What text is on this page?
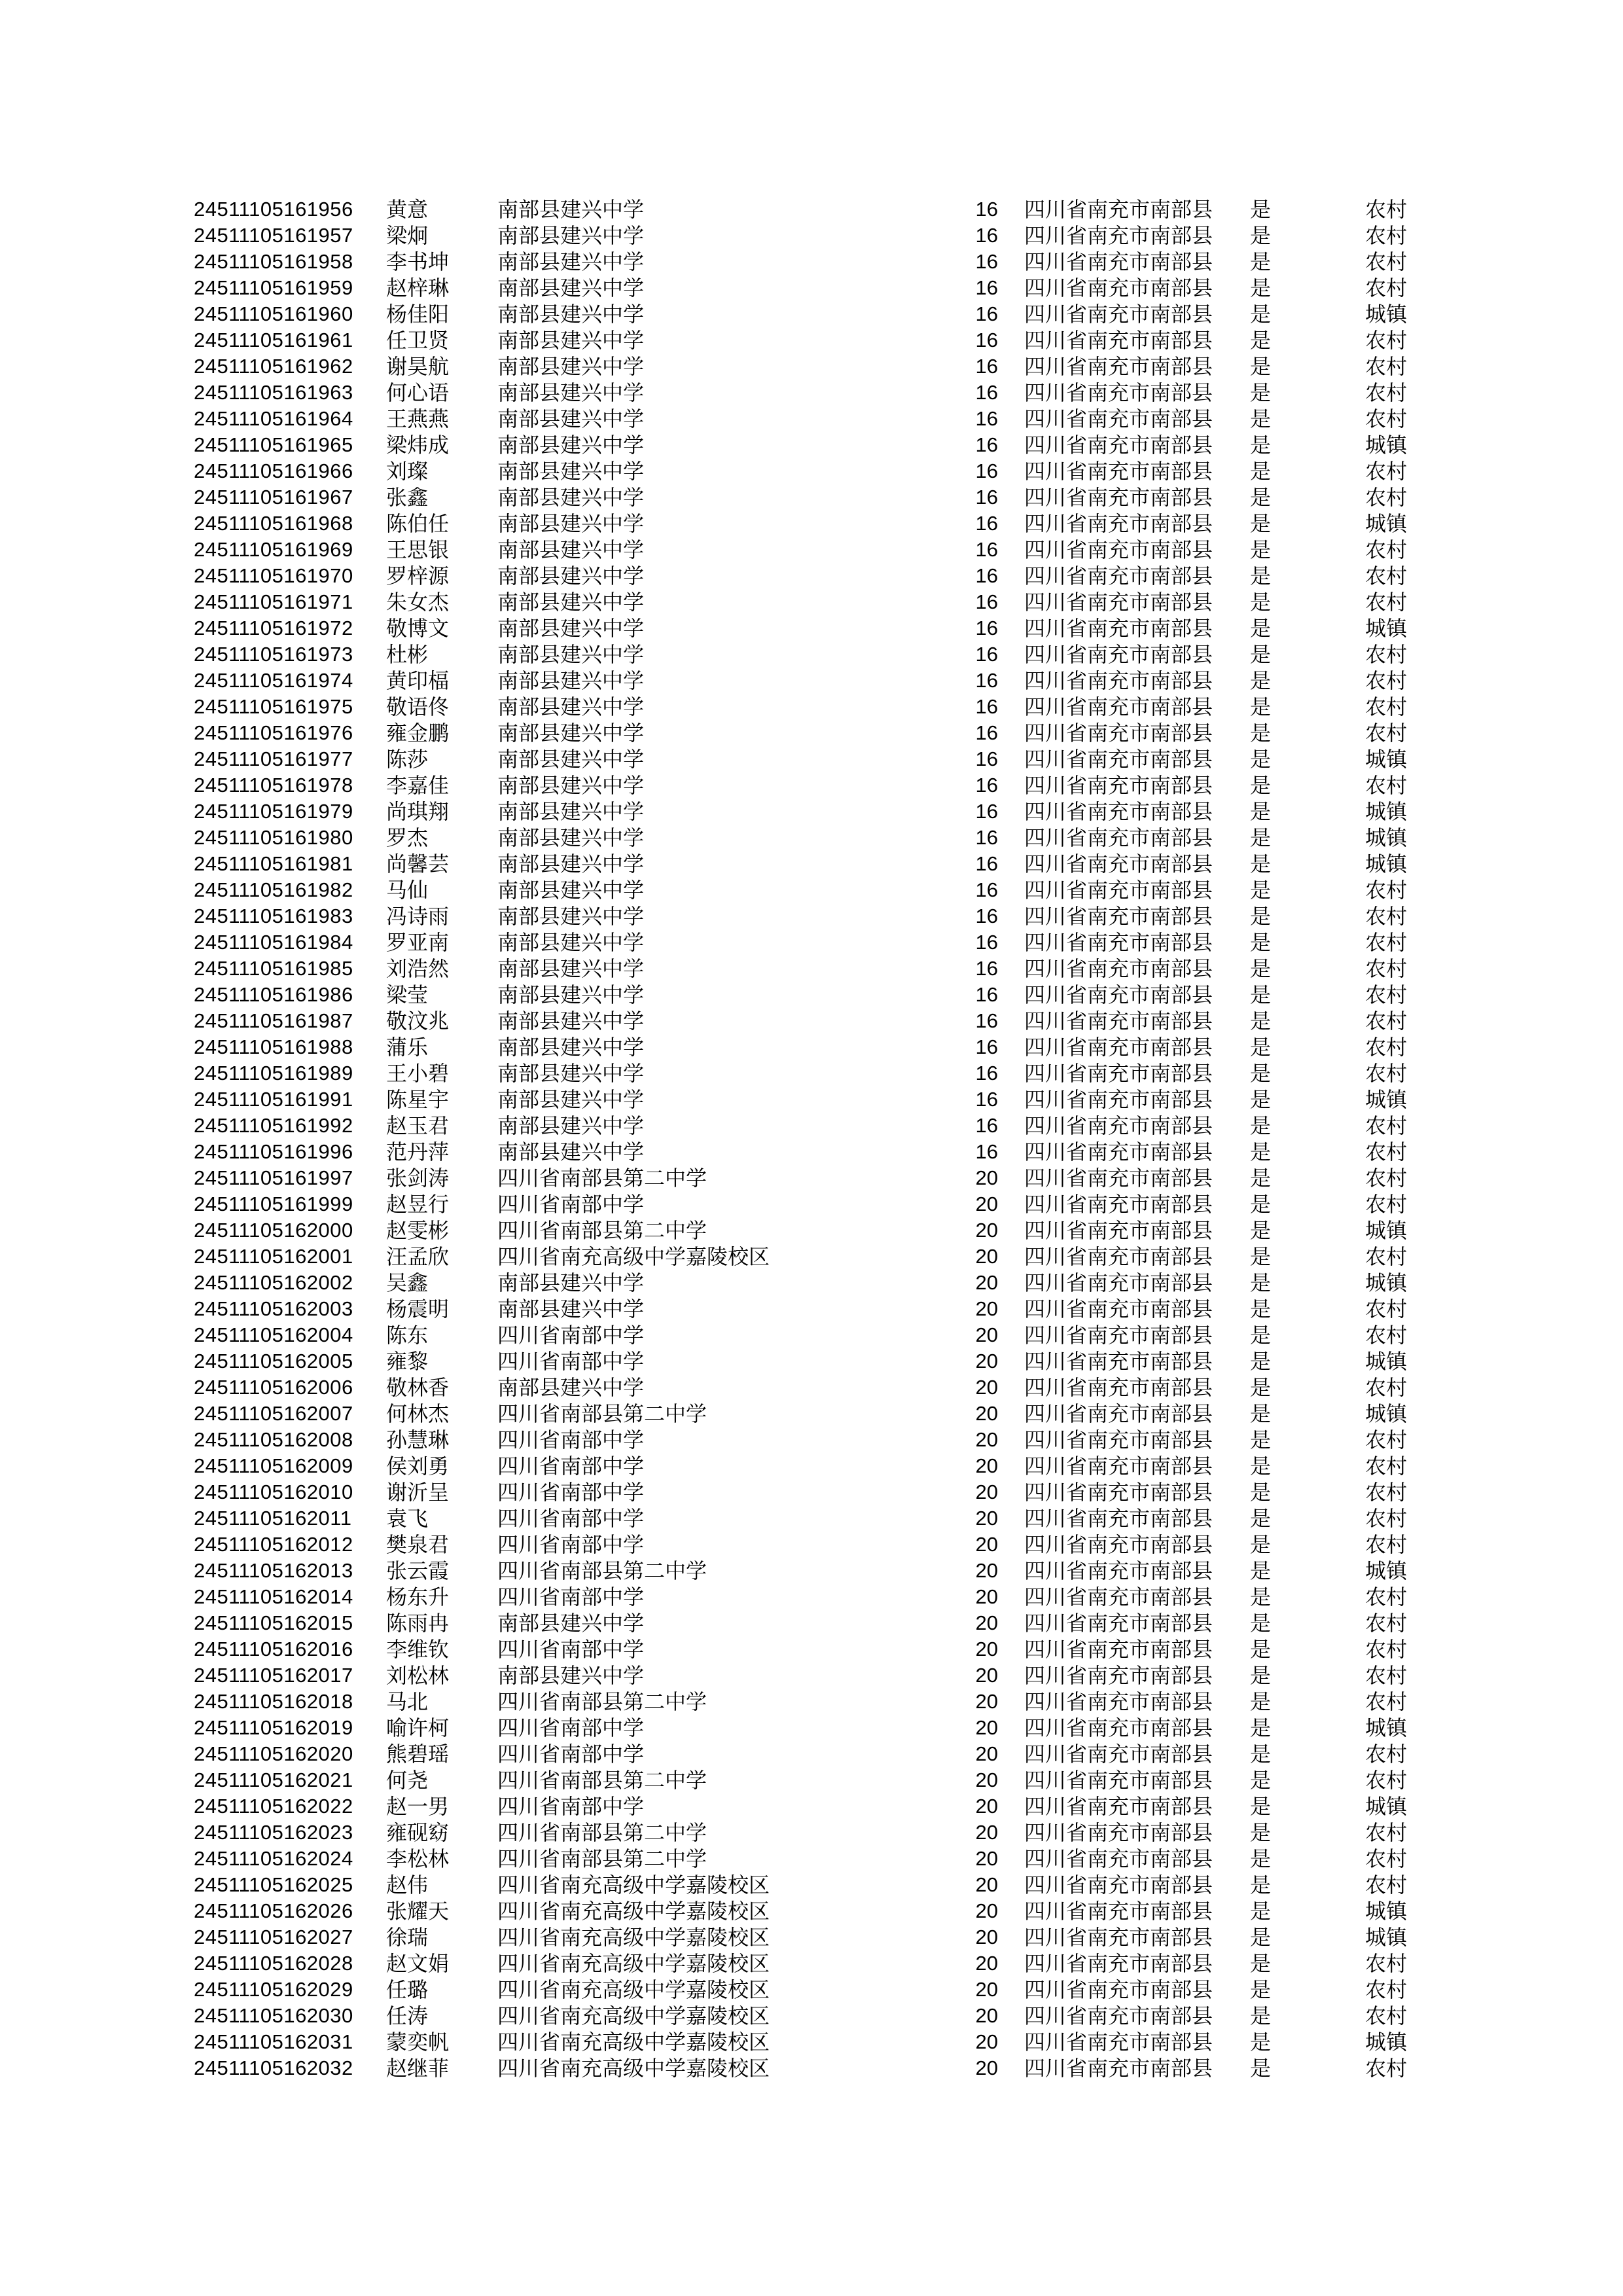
24511105161956	黄意	南部县建兴中学	16	四川省南充市南部县	是	农村
24511105161957	梁炯	南部县建兴中学	16	四川省南充市南部县	是	农村
24511105161958	李书坤	南部县建兴中学	16	四川省南充市南部县	是	农村
24511105161959	赵梓琳	南部县建兴中学	16	四川省南充市南部县	是	农村
24511105161960	杨佳阳	南部县建兴中学	16	四川省南充市南部县	是	城镇
24511105161961	任卫贤	南部县建兴中学	16	四川省南充市南部县	是	农村
24511105161962	谢昊航	南部县建兴中学	16	四川省南充市南部县	是	农村
24511105161963	何心语	南部县建兴中学	16	四川省南充市南部县	是	农村
24511105161964	王燕燕	南部县建兴中学	16	四川省南充市南部县	是	农村
24511105161965	梁炜成	南部县建兴中学	16	四川省南充市南部县	是	城镇
24511105161966	刘璨	南部县建兴中学	16	四川省南充市南部县	是	农村
24511105161967	张鑫	南部县建兴中学	16	四川省南充市南部县	是	农村
24511105161968	陈伯任	南部县建兴中学	16	四川省南充市南部县	是	城镇
24511105161969	王思银	南部县建兴中学	16	四川省南充市南部县	是	农村
24511105161970	罗梓源	南部县建兴中学	16	四川省南充市南部县	是	农村
24511105161971	朱女杰	南部县建兴中学	16	四川省南充市南部县	是	农村
24511105161972	敬博文	南部县建兴中学	16	四川省南充市南部县	是	城镇
24511105161973	杜彬	南部县建兴中学	16	四川省南充市南部县	是	农村
24511105161974	黄印楅	南部县建兴中学	16	四川省南充市南部县	是	农村
24511105161975	敬语佟	南部县建兴中学	16	四川省南充市南部县	是	农村
24511105161976	雍金鹏	南部县建兴中学	16	四川省南充市南部县	是	农村
24511105161977	陈莎	南部县建兴中学	16	四川省南充市南部县	是	城镇
24511105161978	李嘉佳	南部县建兴中学	16	四川省南充市南部县	是	农村
24511105161979	尚琪翔	南部县建兴中学	16	四川省南充市南部县	是	城镇
24511105161980	罗杰	南部县建兴中学	16	四川省南充市南部县	是	城镇
24511105161981	尚馨芸	南部县建兴中学	16	四川省南充市南部县	是	城镇
24511105161982	马仙	南部县建兴中学	16	四川省南充市南部县	是	农村
24511105161983	冯诗雨	南部县建兴中学	16	四川省南充市南部县	是	农村
24511105161984	罗亚南	南部县建兴中学	16	四川省南充市南部县	是	农村
24511105161985	刘浩然	南部县建兴中学	16	四川省南充市南部县	是	农村
24511105161986	梁莹	南部县建兴中学	16	四川省南充市南部县	是	农村
24511105161987	敬汶兆	南部县建兴中学	16	四川省南充市南部县	是	农村
24511105161988	蒲乐	南部县建兴中学	16	四川省南充市南部县	是	农村
24511105161989	王小碧	南部县建兴中学	16	四川省南充市南部县	是	农村
24511105161991	陈星宇	南部县建兴中学	16	四川省南充市南部县	是	城镇
24511105161992	赵玉君	南部县建兴中学	16	四川省南充市南部县	是	农村
24511105161996	范丹萍	南部县建兴中学	16	四川省南充市南部县	是	农村
24511105161997	张剑涛	四川省南部县第二中学	20	四川省南充市南部县	是	农村
24511105161999	赵昱行	四川省南部中学	20	四川省南充市南部县	是	农村
24511105162000	赵雯彬	四川省南部县第二中学	20	四川省南充市南部县	是	城镇
24511105162001	汪孟欣	四川省南充高级中学嘉陵校区	20	四川省南充市南部县	是	农村
24511105162002	吴鑫	南部县建兴中学	20	四川省南充市南部县	是	城镇
24511105162003	杨震明	南部县建兴中学	20	四川省南充市南部县	是	农村
24511105162004	陈东	四川省南部中学	20	四川省南充市南部县	是	农村
24511105162005	雍黎	四川省南部中学	20	四川省南充市南部县	是	城镇
24511105162006	敬林香	南部县建兴中学	20	四川省南充市南部县	是	农村
24511105162007	何林杰	四川省南部县第二中学	20	四川省南充市南部县	是	城镇
24511105162008	孙慧琳	四川省南部中学	20	四川省南充市南部县	是	农村
24511105162009	侯刘勇	四川省南部中学	20	四川省南充市南部县	是	农村
24511105162010	谢沂呈	四川省南部中学	20	四川省南充市南部县	是	农村
24511105162011	袁飞	四川省南部中学	20	四川省南充市南部县	是	农村
24511105162012	樊泉君	四川省南部中学	20	四川省南充市南部县	是	农村
24511105162013	张云霞	四川省南部县第二中学	20	四川省南充市南部县	是	城镇
24511105162014	杨东升	四川省南部中学	20	四川省南充市南部县	是	农村
24511105162015	陈雨冉	南部县建兴中学	20	四川省南充市南部县	是	农村
24511105162016	李维钦	四川省南部中学	20	四川省南充市南部县	是	农村
24511105162017	刘松林	南部县建兴中学	20	四川省南充市南部县	是	农村
24511105162018	马北	四川省南部县第二中学	20	四川省南充市南部县	是	农村
24511105162019	喻许柯	四川省南部中学	20	四川省南充市南部县	是	城镇
24511105162020	熊碧瑶	四川省南部中学	20	四川省南充市南部县	是	农村
24511105162021	何尧	四川省南部县第二中学	20	四川省南充市南部县	是	农村
24511105162022	赵一男	四川省南部中学	20	四川省南充市南部县	是	城镇
24511105162023	雍砚窈	四川省南部县第二中学	20	四川省南充市南部县	是	农村
24511105162024	李松林	四川省南部县第二中学	20	四川省南充市南部县	是	农村
24511105162025	赵伟	四川省南充高级中学嘉陵校区	20	四川省南充市南部县	是	农村
24511105162026	张耀天	四川省南充高级中学嘉陵校区	20	四川省南充市南部县	是	城镇
24511105162027	徐瑞	四川省南充高级中学嘉陵校区	20	四川省南充市南部县	是	城镇
24511105162028	赵文娟	四川省南充高级中学嘉陵校区	20	四川省南充市南部县	是	农村
24511105162029	任璐	四川省南充高级中学嘉陵校区	20	四川省南充市南部县	是	农村
24511105162030	任涛	四川省南充高级中学嘉陵校区	20	四川省南充市南部县	是	农村
24511105162031	蒙奕帆	四川省南充高级中学嘉陵校区	20	四川省南充市南部县	是	城镇
24511105162032	赵继菲	四川省南充高级中学嘉陵校区	20	四川省南充市南部县	是	农村
